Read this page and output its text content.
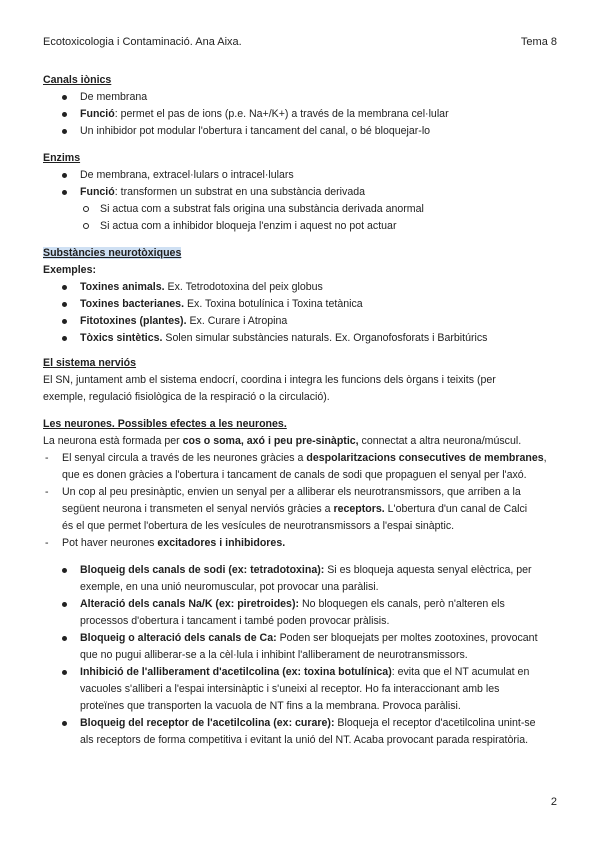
Ecotoxicologia i Contaminació. Ana Aixa.	Tema 8

Canals iònics

De membrana
Funció: permet el pas de ions (p.e. Na+/K+) a través de la membrana cel·lular
Un inhibidor pot modular l'obertura i tancament del canal, o bé bloquejar-lo

Enzims

De membrana, extracel·lulars o intracel·lulars
Funció: transformen un substrat en una substància derivada
Si actua com a substrat fals origina una substància derivada anormal
Si actua com a inhibidor bloqueja l'enzim i aquest no pot actuar

Substàncies neurotòxiques

Exemples:

Toxines animals. Ex. Tetrodotoxina del peix globus
Toxines bacterianes. Ex. Toxina botulínica i Toxina tetànica
Fitotoxines (plantes). Ex. Curare i Atropina
Tòxics sintètics. Solen simular substàncies naturals. Ex. Organofosforats i Barbitúrics

El sistema nerviós

El SN, juntament amb el sistema endocrí, coordina i integra les funcions dels òrgans i teixits (per

exemple, regulació fisiològica de la respiració o la circulació).

Les neurones. Possibles efectes a les neurones.

La neurona està formada per cos o soma, axó i peu pre-sinàptic, connectat a altra neurona/múscul.

- El senyal circula a través de les neurones gràcies a despolaritzacions consecutives de membranes,
que es donen gràcies a l'obertura i tancament de canals de sodi que propaguen el senyal per l'axó.
- Un cop al peu presinàptic, envien un senyal per a alliberar els neurotransmissors, que arriben a la
següent neurona i transmeten el senyal nerviós gràcies a receptors. L'obertura d'un canal de Calci
és el que permet l'obertura de les vesícules de neurotransmissors a l'espai sinàptic.
- Pot haver neurones excitadores i inhibidores.
Bloqueig dels canals de sodi (ex: tetradotoxina): Si es bloqueja aquesta senyal elèctrica, per
exemple, en una unió neuromuscular, pot provocar una paràlisi.
Alteració dels canals Na/K (ex: piretroides): No bloquegen els canals, però n'alteren els
processos d'obertura i tancament i també poden provocar pràlisis.
Bloqueig o alteració dels canals de Ca: Poden ser bloquejats per moltes zootoxines, provocant
que no pugui alliberar-se a la cèl·lula i inhibint l'alliberament de neurotransmissors.
Inhibició de l'alliberament d'acetilcolina (ex: toxina botulínica): evita que el NT acumulat en
vacuoles s'alliberi a l'espai intersinàptic i s'uneixi al receptor. Ho fa interaccionant amb les
proteïnes que transporten la vacuola de NT fins a la membrana. Provoca paràlisi.
Bloqueig del receptor de l'acetilcolina (ex: curare): Bloqueja el receptor d'acetilcolina unint-se
als receptors de forma competitiva i evitant la unió del NT. Acaba provocant parada respiratòria.
2
